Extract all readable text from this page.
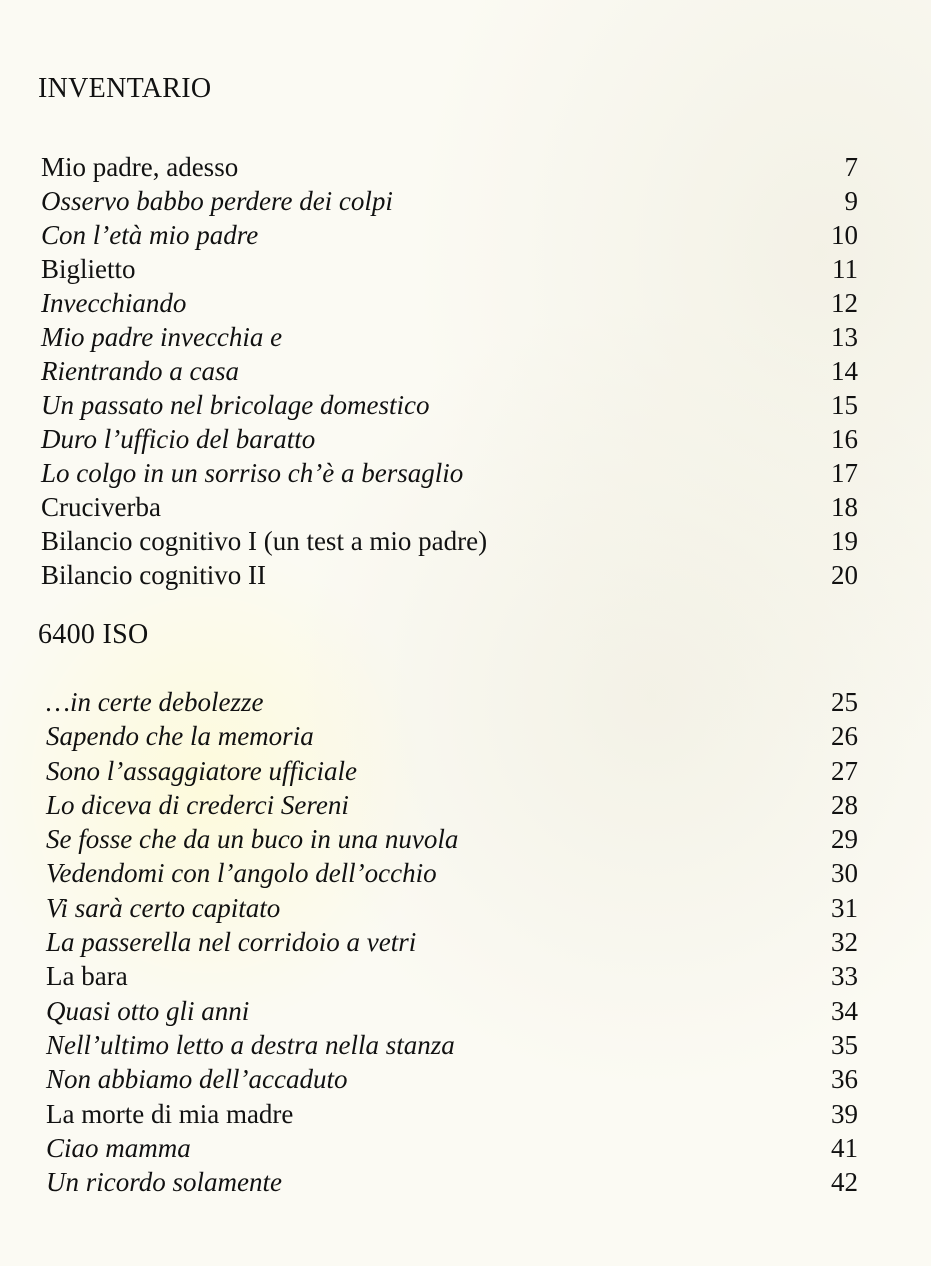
INVENTARIO
Mio padre, adesso	7
Osservo babbo perdere dei colpi	9
Con l’età mio padre	10
Biglietto	11
Invecchiando	12
Mio padre invecchia e	13
Rientrando a casa	14
Un passato nel bricolage domestico	15
Duro l’ufficio del baratto	16
Lo colgo in un sorriso ch’è a bersaglio	17
Cruciverba	18
Bilancio cognitivo I (un test a mio padre)	19
Bilancio cognitivo II	20
6400 ISO
…in certe debolezze	25
Sapendo che la memoria	26
Sono l’assaggiatore ufficiale	27
Lo diceva di crederci Sereni	28
Se fosse che da un buco in una nuvola	29
Vedendomi con l’angolo dell’occhio	30
Vi sarà certo capitato	31
La passerella nel corridoio a vetri	32
La bara	33
Quasi otto gli anni	34
Nell’ultimo letto a destra nella stanza	35
Non abbiamo dell’accaduto	36
La morte di mia madre	39
Ciao mamma	41
Un ricordo solamente	42
